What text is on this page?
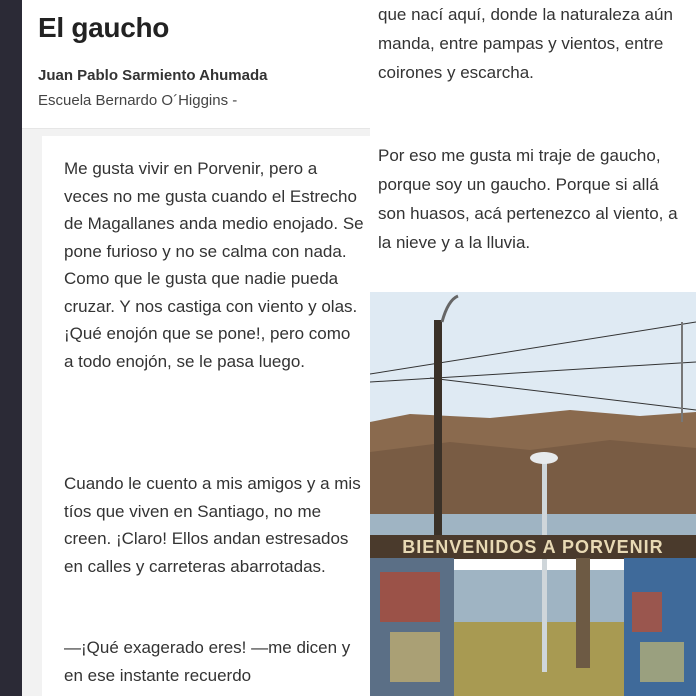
El gaucho
Juan Pablo Sarmiento Ahumada
Escuela Bernardo O´Higgins -
Me gusta vivir en Porvenir, pero a veces no me gusta cuando el Estrecho de Magallanes anda medio enojado. Se pone furioso y no se calma con nada. Como que le gusta que nadie pueda cruzar. Y nos castiga con viento y olas. ¡Qué enojón que se pone!, pero como a todo enojón, se le pasa luego.
Cuando le cuento a mis amigos y a mis tíos que viven en Santiago, no me creen. ¡Claro! Ellos andan estresados en calles y carreteras abarrotadas.
—¡Qué exagerado eres! —me dicen y en ese instante recuerdo
que nací aquí, donde la naturaleza aún manda, entre pampas y vientos, entre coirones y escarcha.
Por eso me gusta mi traje de gaucho, porque soy un gaucho. Porque si allá son huasos, acá pertenezco al viento, a la nieve y a la lluvia.
BIENVENIDOS A PORVENIR
